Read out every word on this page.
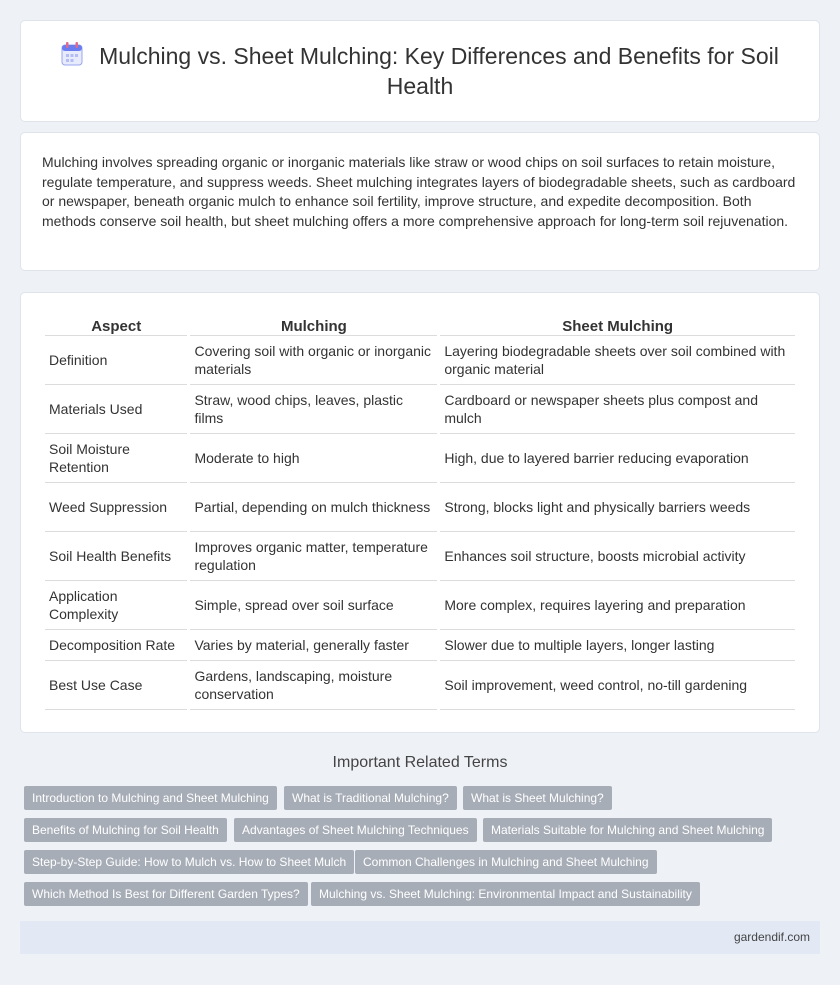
Mulching vs. Sheet Mulching: Key Differences and Benefits for Soil Health

Mulching involves spreading organic or inorganic materials like straw or wood chips on soil surfaces to retain moisture, regulate temperature, and suppress weeds. Sheet mulching integrates layers of biodegradable sheets, such as cardboard or newspaper, beneath organic mulch to enhance soil fertility, improve structure, and expedite decomposition. Both methods conserve soil health, but sheet mulching offers a more comprehensive approach for long-term soil rejuvenation.

Aspect	Mulching	Sheet Mulching
Definition	Covering soil with organic or inorganic materials	Layering biodegradable sheets over soil combined with organic material
Materials Used	Straw, wood chips, leaves, plastic films	Cardboard or newspaper sheets plus compost and mulch
Soil Moisture Retention	Moderate to high	High, due to layered barrier reducing evaporation
Weed Suppression	Partial, depending on mulch thickness	Strong, blocks light and physically barriers weeds
Soil Health Benefits	Improves organic matter, temperature regulation	Enhances soil structure, boosts microbial activity
Application Complexity	Simple, spread over soil surface	More complex, requires layering and preparation
Decomposition Rate	Varies by material, generally faster	Slower due to multiple layers, longer lasting
Best Use Case	Gardens, landscaping, moisture conservation	Soil improvement, weed control, no-till gardening
Important Related Terms
Introduction to Mulching and Sheet Mulching	What is Traditional Mulching?	What is Sheet Mulching?
Benefits of Mulching for Soil Health	Advantages of Sheet Mulching Techniques	Materials Suitable for Mulching and Sheet Mulching
Step-by-Step Guide: How to Mulch vs. How to Sheet Mulch	Common Challenges in Mulching and Sheet Mulching
Which Method Is Best for Different Garden Types?	Mulching vs. Sheet Mulching: Environmental Impact and Sustainability
gardendif.com
